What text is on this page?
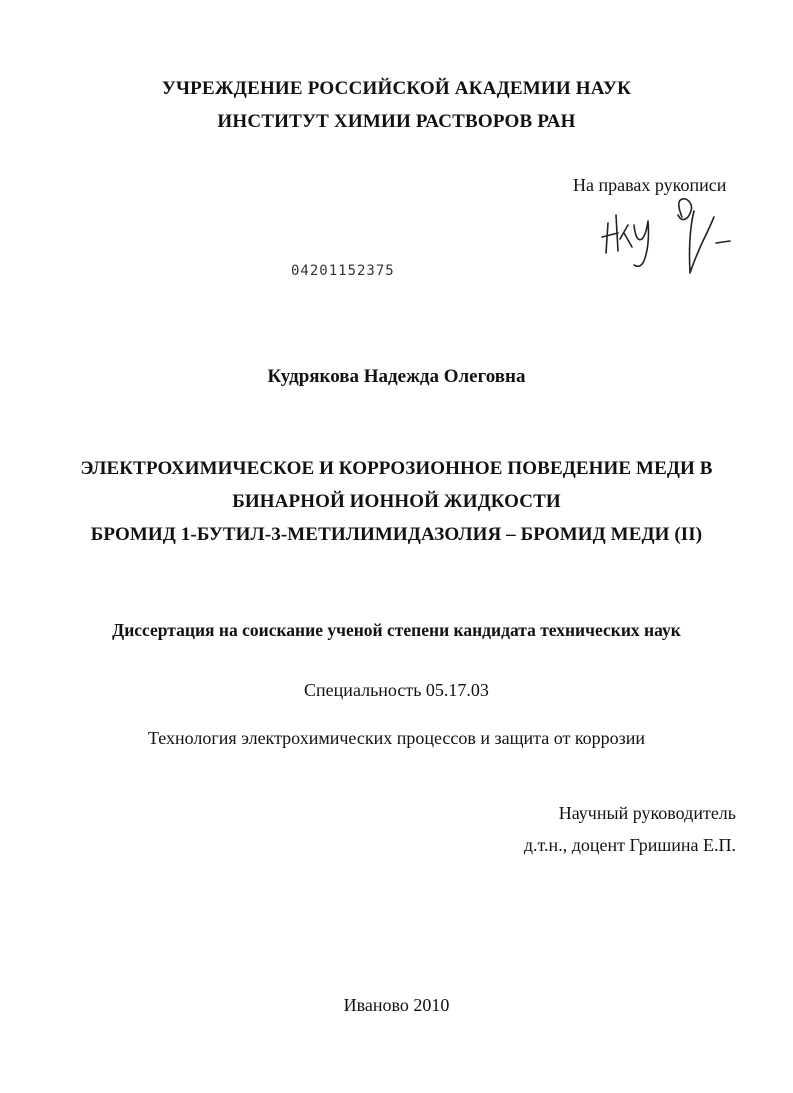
УЧРЕЖДЕНИЕ РОССИЙСКОЙ АКАДЕМИИ НАУК
ИНСТИТУТ ХИМИИ РАСТВОРОВ РАН
На правах рукописи
04201152375
Кудрякова Надежда Олеговна
ЭЛЕКТРОХИМИЧЕСКОЕ И КОРРОЗИОННОЕ ПОВЕДЕНИЕ МЕДИ В
БИНАРНОЙ ИОННОЙ ЖИДКОСТИ
БРОМИД 1-БУТИЛ-3-МЕТИЛИМИДАЗОЛИЯ – БРОМИД МЕДИ (II)
Диссертация на соискание ученой степени кандидата технических наук
Специальность 05.17.03
Технология электрохимических процессов и защита от коррозии
Научный руководитель
д.т.н., доцент Гришина Е.П.
Иваново 2010
